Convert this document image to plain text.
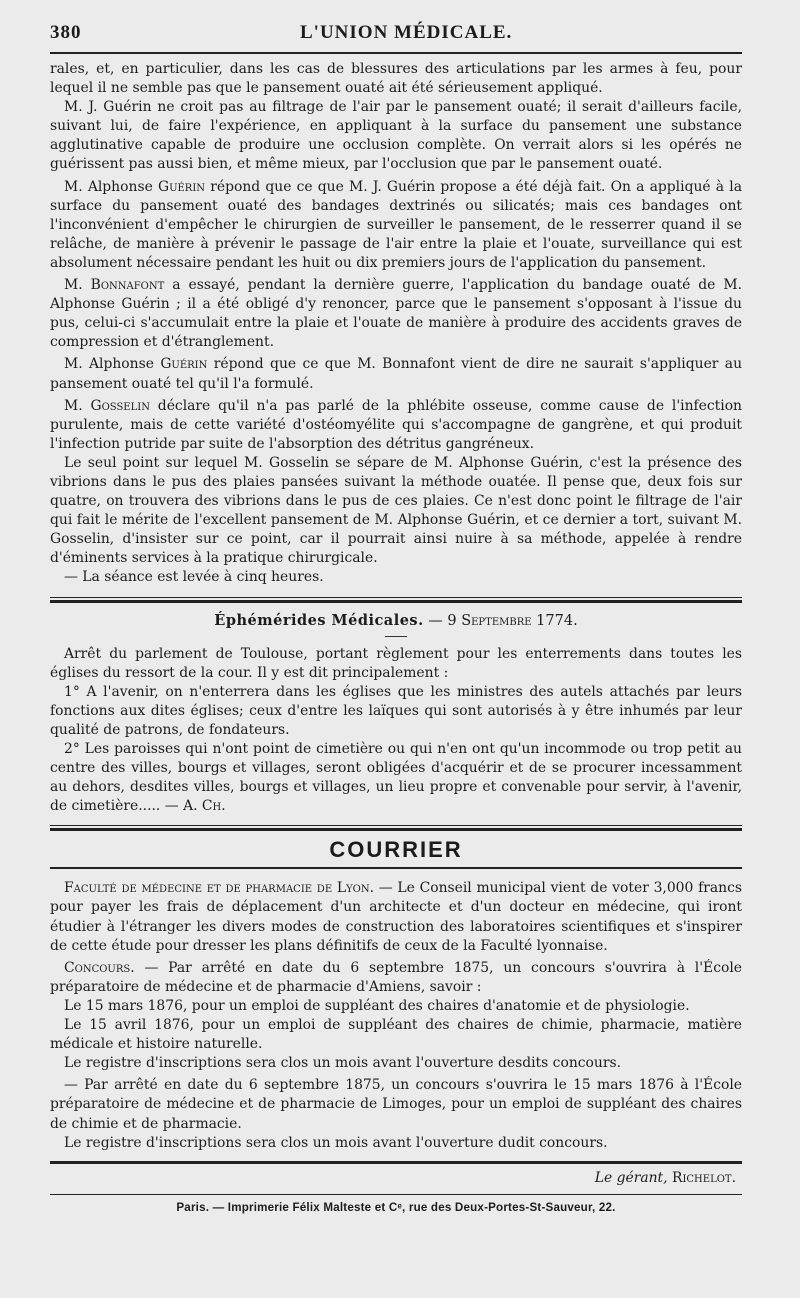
380	L'UNION MÉDICALE.

rales, et, en particulier, dans les cas de blessures des articulations par les armes à feu, pour lequel il ne semble pas que le pansement ouaté ait été sérieusement appliqué.

M. J. Guérin ne croit pas au filtrage de l'air par le pansement ouaté; il serait d'ailleurs facile, suivant lui, de faire l'expérience, en appliquant à la surface du pansement une substance agglutinative capable de produire une occlusion complète. On verrait alors si les opérés ne guérissent pas aussi bien, et même mieux, par l'occlusion que par le pansement ouaté.

M. Alphonse Guérin répond que ce que M. J. Guérin propose a été déjà fait. On a appliqué à la surface du pansement ouaté des bandages dextrinés ou silicatés; mais ces bandages ont l'inconvénient d'empêcher le chirurgien de surveiller le pansement, de le resserrer quand il se relâche, de manière à prévenir le passage de l'air entre la plaie et l'ouate, surveillance qui est absolument nécessaire pendant les huit ou dix premiers jours de l'application du pansement.

M. Bonnafont a essayé, pendant la dernière guerre, l'application du bandage ouaté de M. Alphonse Guérin ; il a été obligé d'y renoncer, parce que le pansement s'opposant à l'issue du pus, celui-ci s'accumulait entre la plaie et l'ouate de manière à produire des accidents graves de compression et d'étranglement.

M. Alphonse Guérin répond que ce que M. Bonnafont vient de dire ne saurait s'appliquer au pansement ouaté tel qu'il l'a formulé.

M. Gosselin déclare qu'il n'a pas parlé de la phlébite osseuse, comme cause de l'infection purulente, mais de cette variété d'ostéomyélite qui s'accompagne de gangrène, et qui produit l'infection putride par suite de l'absorption des détritus gangréneux.

Le seul point sur lequel M. Gosselin se sépare de M. Alphonse Guérin, c'est la présence des vibrions dans le pus des plaies pansées suivant la méthode ouatée. Il pense que, deux fois sur quatre, on trouvera des vibrions dans le pus de ces plaies. Ce n'est donc point le filtrage de l'air qui fait le mérite de l'excellent pansement de M. Alphonse Guérin, et ce dernier a tort, suivant M. Gosselin, d'insister sur ce point, car il pourrait ainsi nuire à sa méthode, appelée à rendre d'éminents services à la pratique chirurgicale.

— La séance est levée à cinq heures.

Éphémérides Médicales. — 9 Septembre 1774.

Arrêt du parlement de Toulouse, portant règlement pour les enterrements dans toutes les églises du ressort de la cour. Il y est dit principalement :

1° A l'avenir, on n'enterrera dans les églises que les ministres des autels attachés par leurs fonctions aux dites églises; ceux d'entre les laïques qui sont autorisés à y être inhumés par leur qualité de patrons, de fondateurs.

2° Les paroisses qui n'ont point de cimetière ou qui n'en ont qu'un incommode ou trop petit au centre des villes, bourgs et villages, seront obligées d'acquérir et de se procurer incessamment au dehors, desdites villes, bourgs et villages, un lieu propre et convenable pour servir, à l'avenir, de cimetière..... — A. Ch.

COURRIER

Faculté de médecine et de pharmacie de Lyon. — Le Conseil municipal vient de voter 3,000 francs pour payer les frais de déplacement d'un architecte et d'un docteur en médecine, qui iront étudier à l'étranger les divers modes de construction des laboratoires scientifiques et s'inspirer de cette étude pour dresser les plans définitifs de ceux de la Faculté lyonnaise.

Concours. — Par arrêté en date du 6 septembre 1875, un concours s'ouvrira à l'École préparatoire de médecine et de pharmacie d'Amiens, savoir :

Le 15 mars 1876, pour un emploi de suppléant des chaires d'anatomie et de physiologie.

Le 15 avril 1876, pour un emploi de suppléant des chaires de chimie, pharmacie, matière médicale et histoire naturelle.

Le registre d'inscriptions sera clos un mois avant l'ouverture desdits concours.

— Par arrêté en date du 6 septembre 1875, un concours s'ouvrira le 15 mars 1876 à l'École préparatoire de médecine et de pharmacie de Limoges, pour un emploi de suppléant des chaires de chimie et de pharmacie.

Le registre d'inscriptions sera clos un mois avant l'ouverture dudit concours.

Le gérant, Richelot.
Paris. — Imprimerie Félix Malteste et Cᵉ, rue des Deux-Portes-St-Sauveur, 22.
